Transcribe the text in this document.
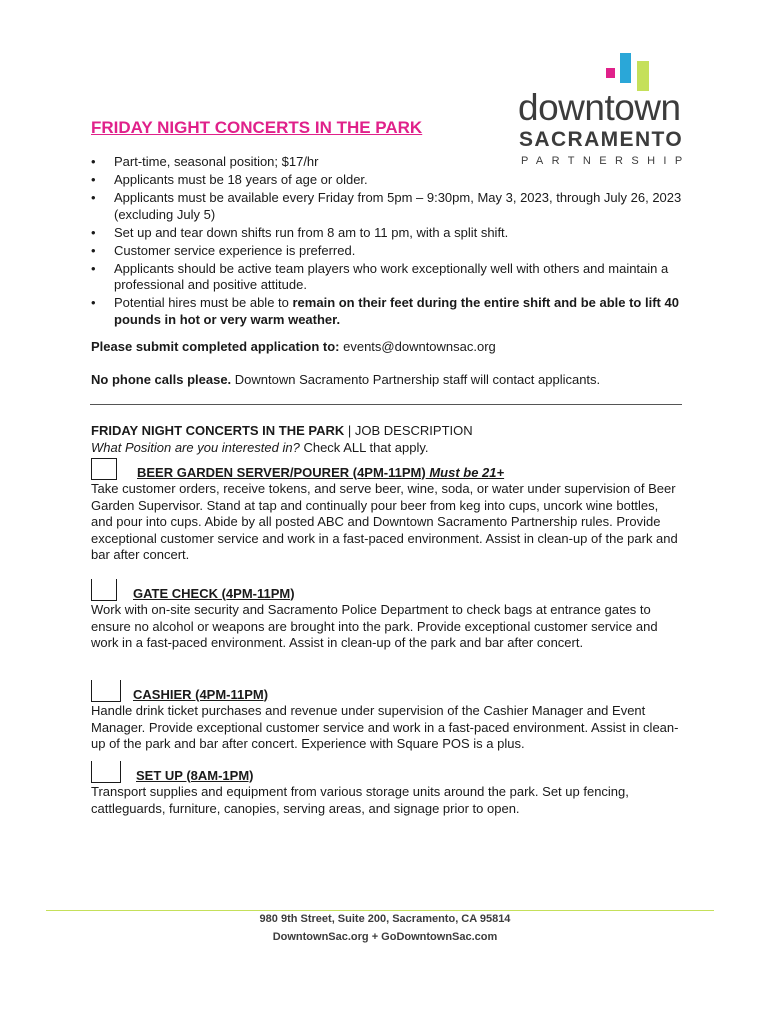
downtown
SACRAMENTO
PARTNERSHIP
FRIDAY NIGHT CONCERTS IN THE PARK
• Part-time, seasonal position; $17/hr
• Applicants must be 18 years of age or older.
• Applicants must be available every Friday from 5pm – 9:30pm, May 3, 2023, through July 26, 2023 (excluding July 5)
• Set up and tear down shifts run from 8 am to 11 pm, with a split shift.
• Customer service experience is preferred.
• Applicants should be active team players who work exceptionally well with others and maintain a professional and positive attitude.
• Potential hires must be able to remain on their feet during the entire shift and be able to lift 40 pounds in hot or very warm weather.
Please submit completed application to: events@downtownsac.org
No phone calls please. Downtown Sacramento Partnership staff will contact applicants.
FRIDAY NIGHT CONCERTS IN THE PARK | JOB DESCRIPTION
What Position are you interested in? Check ALL that apply.
BEER GARDEN SERVER/POURER (4PM-11PM) Must be 21+

Take customer orders, receive tokens, and serve beer, wine, soda, or water under supervision of Beer Garden Supervisor. Stand at tap and continually pour beer from keg into cups, uncork wine bottles, and pour into cups. Abide by all posted ABC and Downtown Sacramento Partnership rules. Provide exceptional customer service and work in a fast-paced environment. Assist in clean-up of the park and bar after concert.

GATE CHECK (4PM-11PM)

Work with on-site security and Sacramento Police Department to check bags at entrance gates to ensure no alcohol or weapons are brought into the park. Provide exceptional customer service and work in a fast-paced environment. Assist in clean-up of the park and bar after concert.

CASHIER (4PM-11PM)

Handle drink ticket purchases and revenue under supervision of the Cashier Manager and Event Manager. Provide exceptional customer service and work in a fast-paced environment. Assist in clean-up of the park and bar after concert. Experience with Square POS is a plus.

SET UP (8AM-1PM)

Transport supplies and equipment from various storage units around the park. Set up fencing, cattleguards, furniture, canopies, serving areas, and signage prior to open.

980 9th Street, Suite 200, Sacramento, CA 95814
DowntownSac.org + GoDowntownSac.com
